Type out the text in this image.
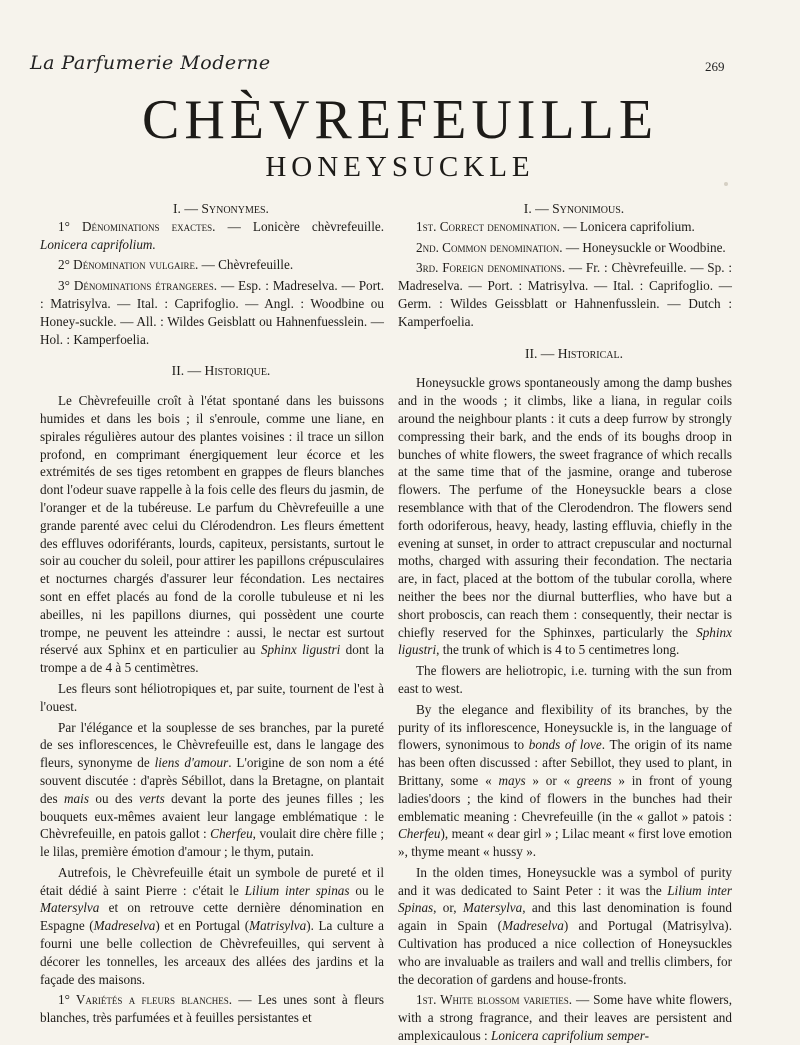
La Parfumerie Moderne	269
CHÈVREFEUILLE
HONEYSUCKLE

I. — Synonymes.

1° Dénominations exactes. — Lonicère chèvrefeuille. Lonicera caprifolium.

2° Dénomination vulgaire. — Chèvrefeuille.

3° Dénominations étrangeres. — Esp. : Madreselva. — Port. : Matrisylva. — Ital. : Caprifoglio. — Angl. : Woodbine ou Honey-suckle. — All. : Wildes Geisblatt ou Hahnenfuesslein. — Hol. : Kamperfoelia.

II. — Historique.

Le Chèvrefeuille croît à l'état spontané dans les buissons humides et dans les bois ; il s'enroule, comme une liane, en spirales régulières autour des plantes voisines : il trace un sillon profond, en comprimant énergiquement leur écorce et les extrémités de ses tiges retombent en grappes de fleurs blanches dont l'odeur suave rappelle à la fois celle des fleurs du jasmin, de l'oranger et de la tubéreuse. Le parfum du Chèvrefeuille a une grande parenté avec celui du Clérodendron. Les fleurs émettent des effluves odoriférants, lourds, capiteux, persistants, surtout le soir au coucher du soleil, pour attirer les papillons crépusculaires et nocturnes chargés d'assurer leur fécondation. Les nectaires sont en effet placés au fond de la corolle tubuleuse et ni les abeilles, ni les papillons diurnes, qui possèdent une courte trompe, ne peuvent les atteindre : aussi, le nectar est surtout réservé aux Sphinx et en particulier au Sphinx ligustri dont la trompe a de 4 à 5 centimètres.

Les fleurs sont héliotropiques et, par suite, tournent de l'est à l'ouest.

Par l'élégance et la souplesse de ses branches, par la pureté de ses inflorescences, le Chèvrefeuille est, dans le langage des fleurs, synonyme de liens d'amour. L'origine de son nom a été souvent discutée : d'après Sébillot, dans la Bretagne, on plantait des mais ou des verts devant la porte des jeunes filles ; les bouquets eux-mêmes avaient leur langage emblématique : le Chèvrefeuille, en patois gallot : Cherfeu, voulait dire chère fille ; le lilas, première émotion d'amour ; le thym, putain.

Autrefois, le Chèvrefeuille était un symbole de pureté et il était dédié à saint Pierre : c'était le Lilium inter spinas ou le Matersylva et on retrouve cette dernière dénomination en Espagne (Madreselva) et en Portugal (Matrisylva). La culture a fourni une belle collection de Chèvrefeuilles, qui servent à décorer les tonnelles, les arceaux des allées des jardins et la façade des maisons.

1° Variétés a fleurs blanches. — Les unes sont à fleurs blanches, très parfumées et à feuilles persistantes et

I. — Synonimous.

1st. Correct denomination. — Lonicera caprifolium.

2nd. Common denomination. — Honeysuckle or Woodbine.

3rd. Foreign denominations. — Fr. : Chèvrefeuille. — Sp. : Madreselva. — Port. : Matrisylva. — Ital. : Caprifoglio. — Germ. : Wildes Geissblatt or Hahnenfusslein. — Dutch : Kamperfoelia.

II. — Historical.

Honeysuckle grows spontaneously among the damp bushes and in the woods ; it climbs, like a liana, in regular coils around the neighbour plants : it cuts a deep furrow by strongly compressing their bark, and the ends of its boughs droop in bunches of white flowers, the sweet fragrance of which recalls at the same time that of the jasmine, orange and tuberose flowers. The perfume of the Honeysuckle bears a close resemblance with that of the Clerodendron. The flowers send forth odoriferous, heavy, heady, lasting effluvia, chiefly in the evening at sunset, in order to attract crepuscular and nocturnal moths, charged with assuring their fecondation. The nectaria are, in fact, placed at the bottom of the tubular corolla, where neither the bees nor the diurnal butterflies, who have but a short proboscis, can reach them : consequently, their nectar is chiefly reserved for the Sphinxes, particularly the Sphinx ligustri, the trunk of which is 4 to 5 centimetres long.

The flowers are heliotropic, i.e. turning with the sun from east to west.

By the elegance and flexibility of its branches, by the purity of its inflorescence, Honeysuckle is, in the language of flowers, synonimous to bonds of love. The origin of its name has been often discussed : after Sebillot, they used to plant, in Brittany, some « mays » or « greens » in front of young ladies'doors ; the kind of flowers in the bunches had their emblematic meaning : Chevrefeuille (in the « gallot » patois : Cherfeu), meant « dear girl » ; Lilac meant « first love emotion », thyme meant « hussy ».

In the olden times, Honeysuckle was a symbol of purity and it was dedicated to Saint Peter : it was the Lilium inter Spinas, or, Matersylva, and this last denomination is found again in Spain (Madreselva) and Portugal (Matrisylva). Cultivation has produced a nice collection of Honeysuckles who are invaluable as trailers and wall and trellis climbers, for the decoration of gardens and house-fronts.

1st. White blossom varieties. — Some have white flowers, with a strong fragrance, and their leaves are persistent and amplexicaulous : Lonicera caprifolium semper-
